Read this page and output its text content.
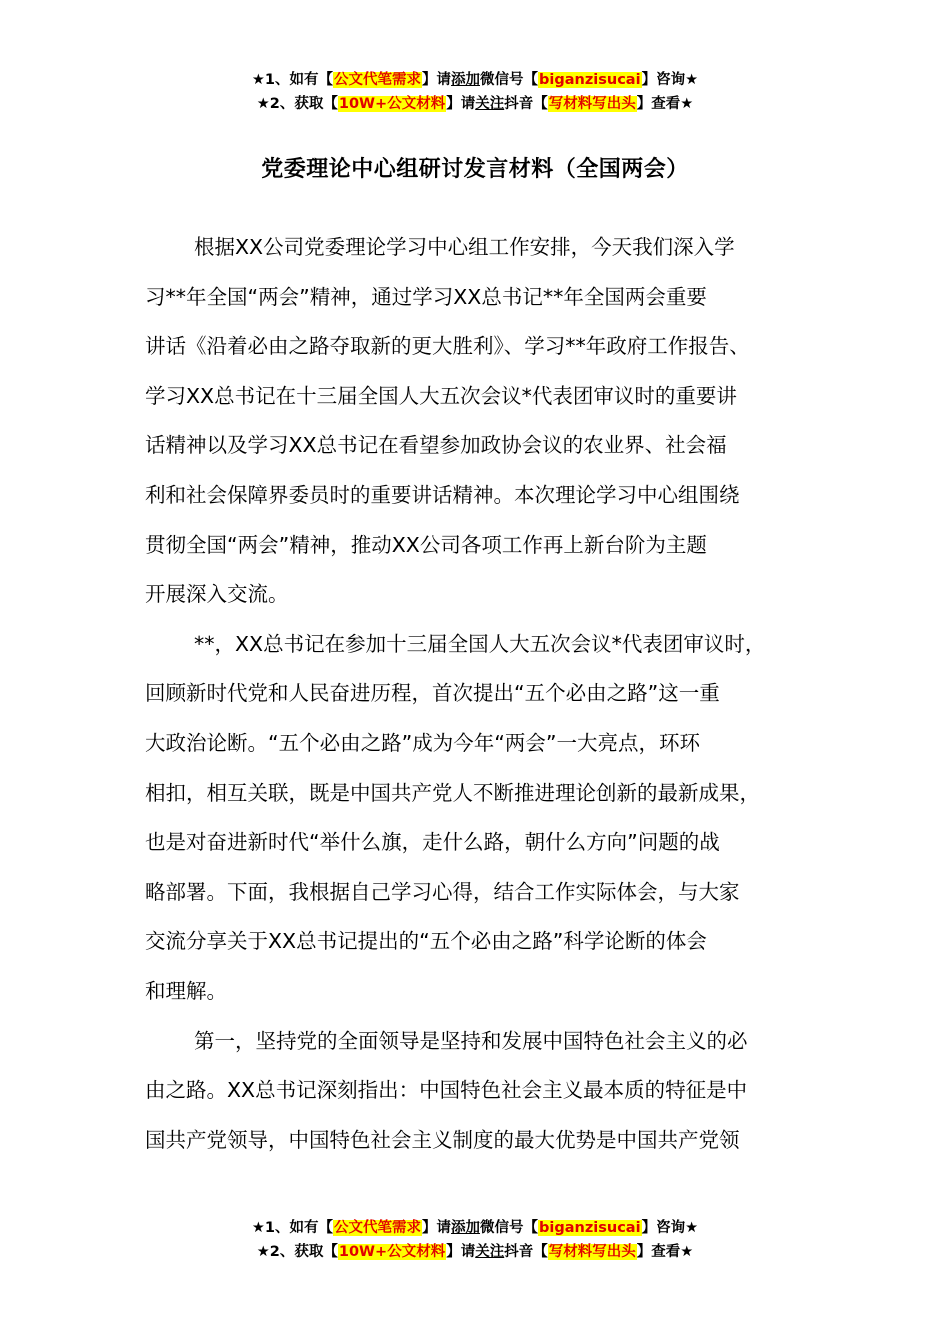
★1、如有【公文代笔需求】请添加微信号【biganzisucai】咨询★
★2、获取【10W+公文材料】请关注抖音【写材料写出头】查看★
党委理论中心组研讨发言材料（全国两会）
根据XX公司党委理论学习中心组工作安排，今天我们深入学
习**年全国“两会”精神，通过学习XX总书记**年全国两会重要
讲话《沿着必由之路夺取新的更大胜利》、学习**年政府工作报告、
学习XX总书记在十三届全国人大五次会议*代表团审议时的重要讲
话精神以及学习XX总书记在看望参加政协会议的农业界、社会福
利和社会保障界委员时的重要讲话精神。本次理论学习中心组围绕
贯彻全国“两会”精神，推动XX公司各项工作再上新台阶为主题
开展深入交流。
**，XX总书记在参加十三届全国人大五次会议*代表团审议时，
回顾新时代党和人民奋进历程，首次提出“五个必由之路”这一重
大政治论断。“五个必由之路”成为今年“两会”一大亮点，环环
相扣，相互关联，既是中国共产党人不断推进理论创新的最新成果，
也是对奋进新时代“举什么旗，走什么路，朝什么方向”问题的战
略部署。下面，我根据自己学习心得，结合工作实际体会，与大家
交流分享关于XX总书记提出的“五个必由之路”科学论断的体会
和理解。
第一，坚持党的全面领导是坚持和发展中国特色社会主义的必
由之路。XX总书记深刻指出：中国特色社会主义最本质的特征是中
国共产党领导，中国特色社会主义制度的最大优势是中国共产党领
★1、如有【公文代笔需求】请添加微信号【biganzisucai】咨询★
★2、获取【10W+公文材料】请关注抖音【写材料写出头】查看★
